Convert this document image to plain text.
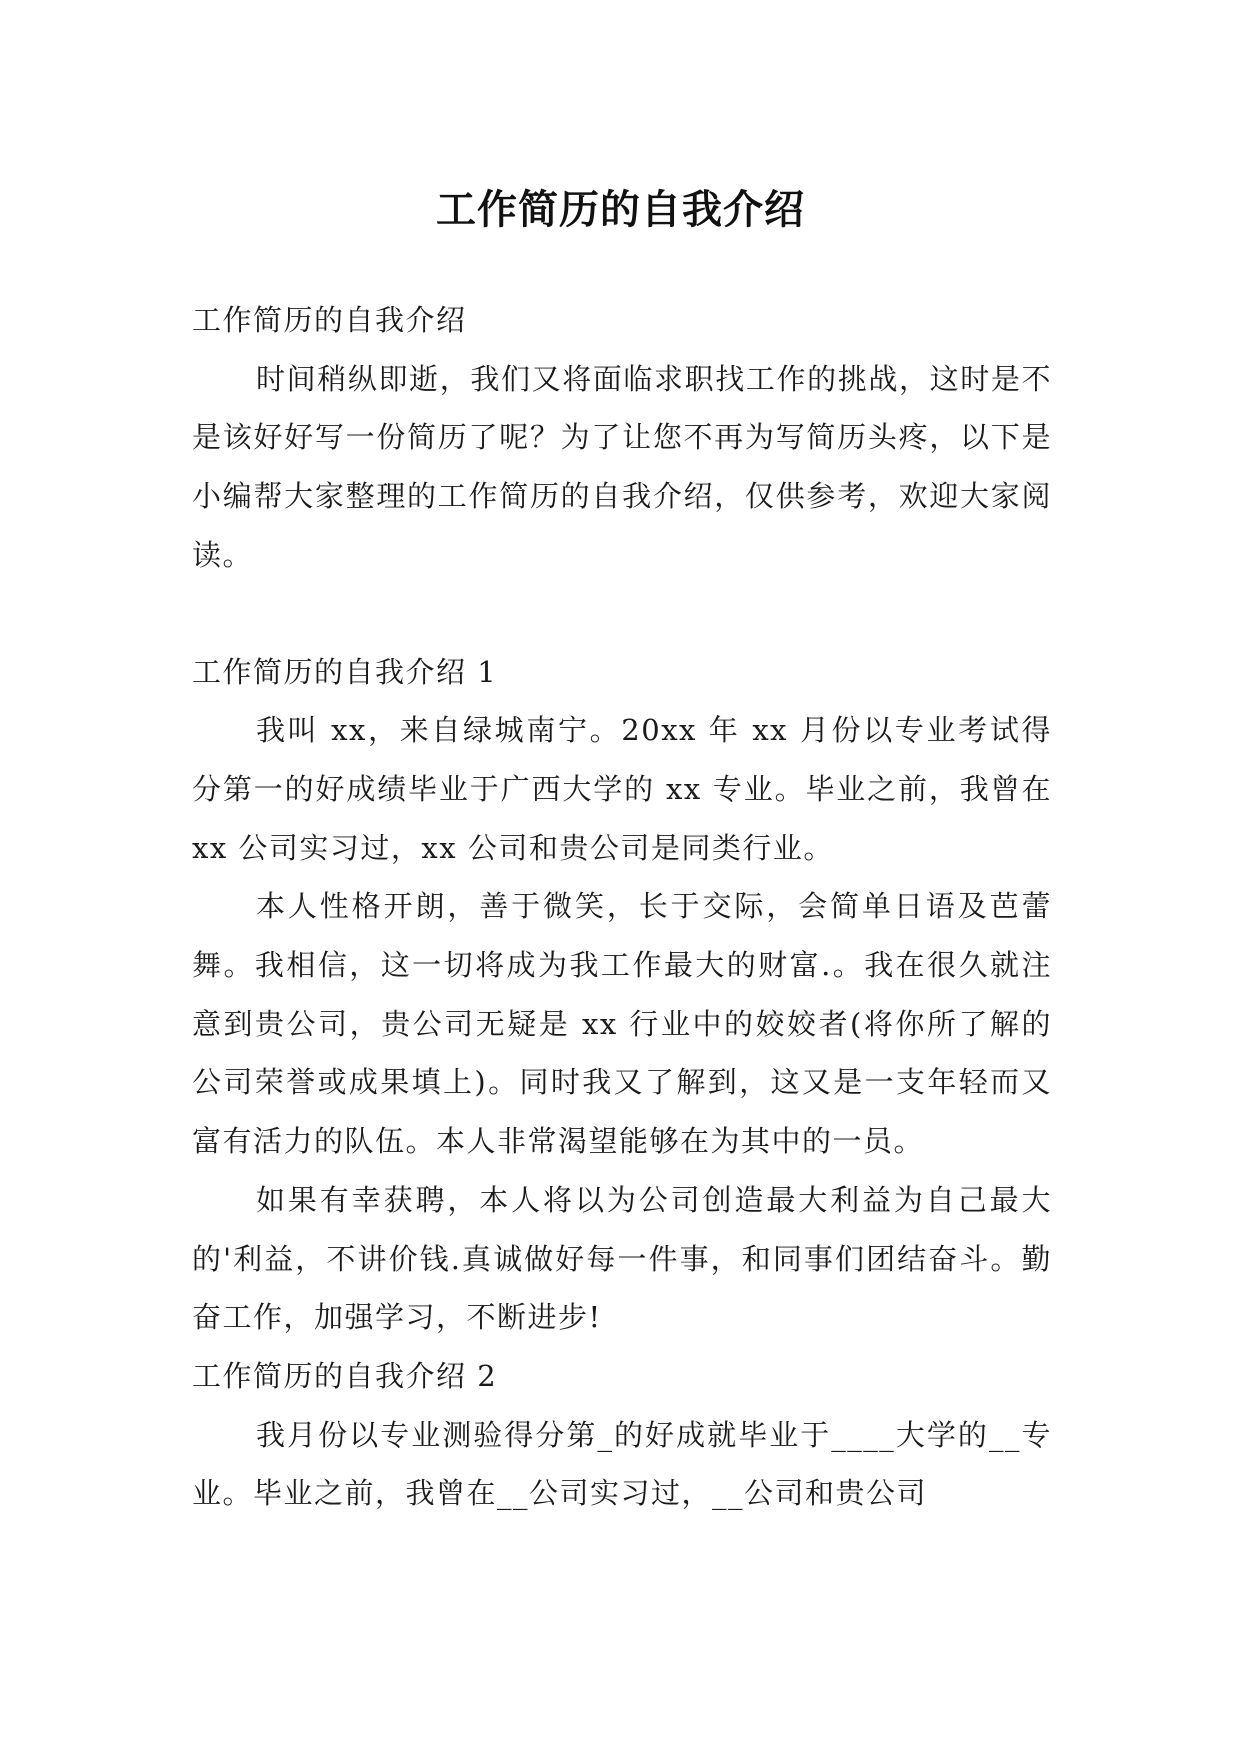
工作简历的自我介绍

工作简历的自我介绍

时间稍纵即逝，我们又将面临求职找工作的挑战，这时是不是该好好写一份简历了呢？为了让您不再为写简历头疼，以下是小编帮大家整理的工作简历的自我介绍，仅供参考，欢迎大家阅读。

工作简历的自我介绍 1

我叫 xx，来自绿城南宁。20xx 年 xx 月份以专业考试得分第一的好成绩毕业于广西大学的 xx 专业。毕业之前，我曾在 xx 公司实习过，xx 公司和贵公司是同类行业。

本人性格开朗，善于微笑，长于交际，会简单日语及芭蕾舞。我相信，这一切将成为我工作最大的财富.。我在很久就注意到贵公司，贵公司无疑是 xx 行业中的姣姣者(将你所了解的公司荣誉或成果填上)。同时我又了解到，这又是一支年轻而又富有活力的队伍。本人非常渴望能够在为其中的一员。

如果有幸获聘，本人将以为公司创造最大利益为自己最大的'利益，不讲价钱.真诚做好每一件事，和同事们团结奋斗。勤奋工作，加强学习，不断进步!

工作简历的自我介绍 2

我月份以专业测验得分第_的好成就毕业于____大学的__专业。毕业之前，我曾在__公司实习过，__公司和贵公司
